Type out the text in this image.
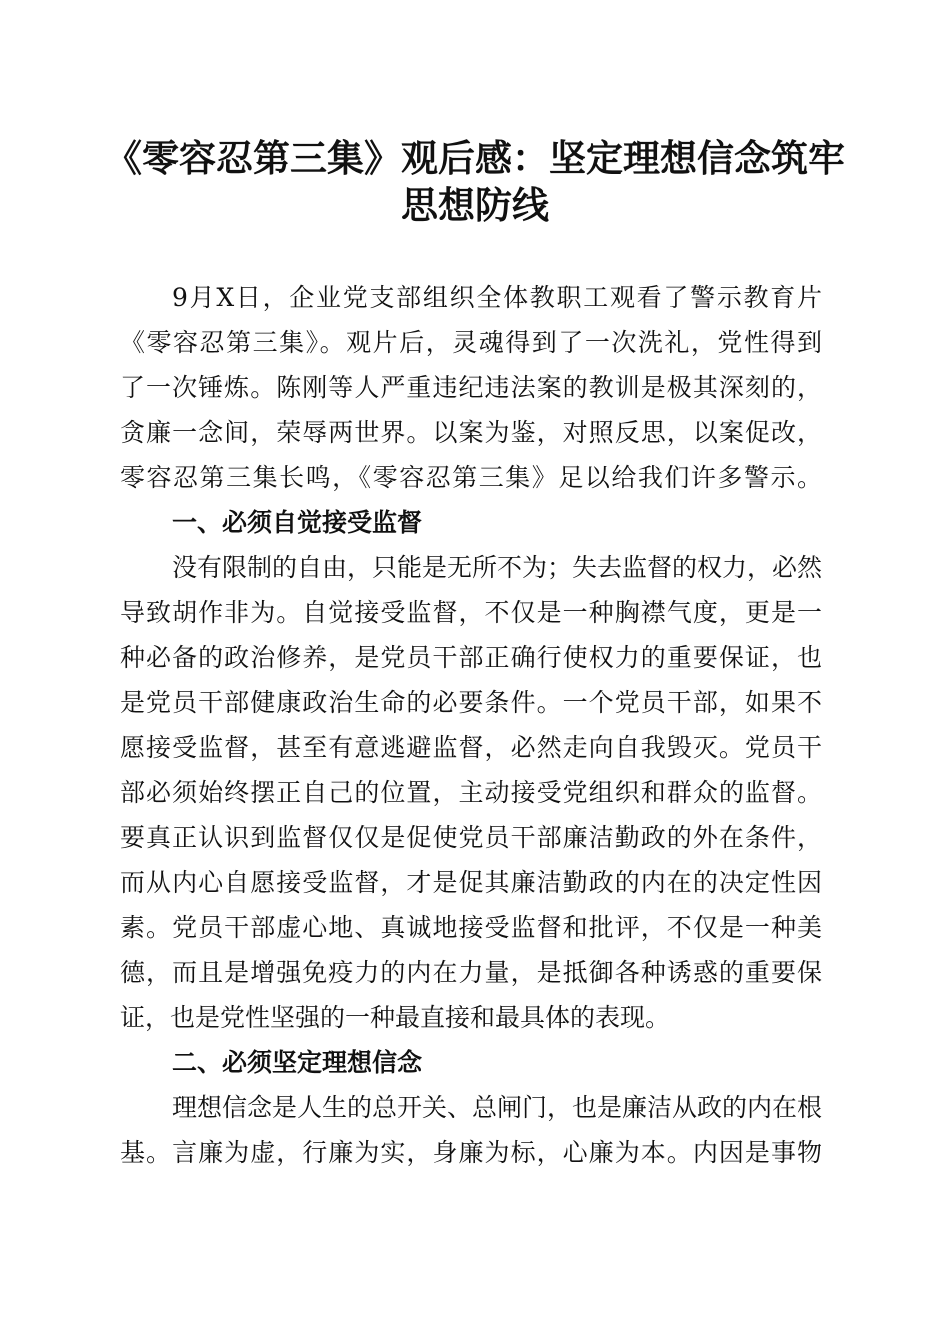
《零容忍第三集》观后感：坚定理想信念筑牢
思想防线
9月X日，企业党支部组织全体教职工观看了警示教育片
《零容忍第三集》。观片后，灵魂得到了一次洗礼，党性得到
了一次锤炼。陈刚等人严重违纪违法案的教训是极其深刻的，
贪廉一念间，荣辱两世界。以案为鉴，对照反思，以案促改，
零容忍第三集长鸣，《零容忍第三集》足以给我们许多警示。
一、必须自觉接受监督
没有限制的自由，只能是无所不为；失去监督的权力，必然
导致胡作非为。自觉接受监督，不仅是一种胸襟气度，更是一
种必备的政治修养，是党员干部正确行使权力的重要保证，也
是党员干部健康政治生命的必要条件。一个党员干部，如果不
愿接受监督，甚至有意逃避监督，必然走向自我毁灭。党员干
部必须始终摆正自己的位置，主动接受党组织和群众的监督。
要真正认识到监督仅仅是促使党员干部廉洁勤政的外在条件，
而从内心自愿接受监督，才是促其廉洁勤政的内在的决定性因
素。党员干部虚心地、真诚地接受监督和批评，不仅是一种美
德，而且是增强免疫力的内在力量，是抵御各种诱惑的重要保
证，也是党性坚强的一种最直接和最具体的表现。
二、必须坚定理想信念
理想信念是人生的总开关、总闸门，也是廉洁从政的内在根
基。言廉为虚，行廉为实，身廉为标，心廉为本。内因是事物
